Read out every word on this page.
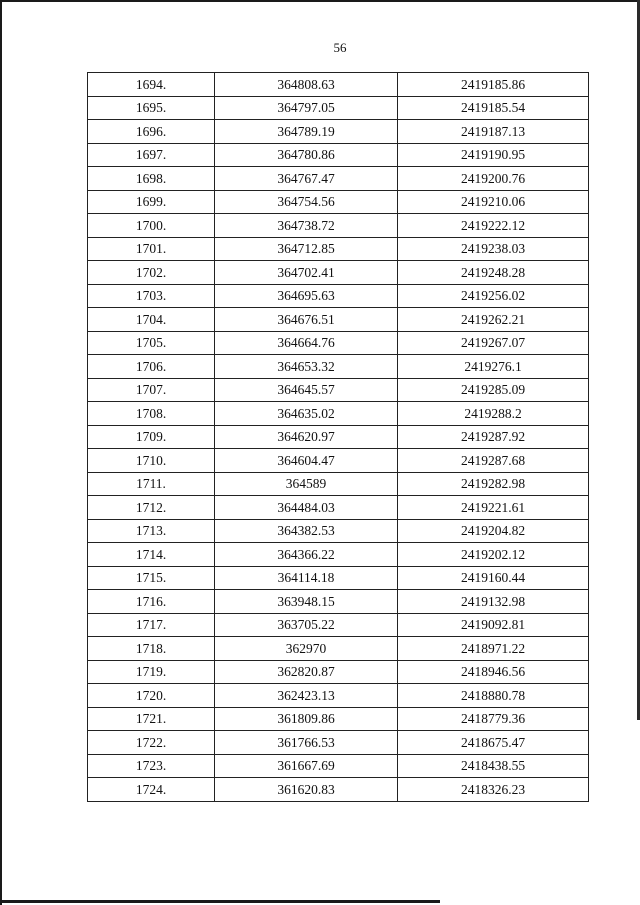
56
1694.	364808.63	2419185.86
1695.	364797.05	2419185.54
1696.	364789.19	2419187.13
1697.	364780.86	2419190.95
1698.	364767.47	2419200.76
1699.	364754.56	2419210.06
1700.	364738.72	2419222.12
1701.	364712.85	2419238.03
1702.	364702.41	2419248.28
1703.	364695.63	2419256.02
1704.	364676.51	2419262.21
1705.	364664.76	2419267.07
1706.	364653.32	2419276.1
1707.	364645.57	2419285.09
1708.	364635.02	2419288.2
1709.	364620.97	2419287.92
1710.	364604.47	2419287.68
1711.	364589	2419282.98
1712.	364484.03	2419221.61
1713.	364382.53	2419204.82
1714.	364366.22	2419202.12
1715.	364114.18	2419160.44
1716.	363948.15	2419132.98
1717.	363705.22	2419092.81
1718.	362970	2418971.22
1719.	362820.87	2418946.56
1720.	362423.13	2418880.78
1721.	361809.86	2418779.36
1722.	361766.53	2418675.47
1723.	361667.69	2418438.55
1724.	361620.83	2418326.23
